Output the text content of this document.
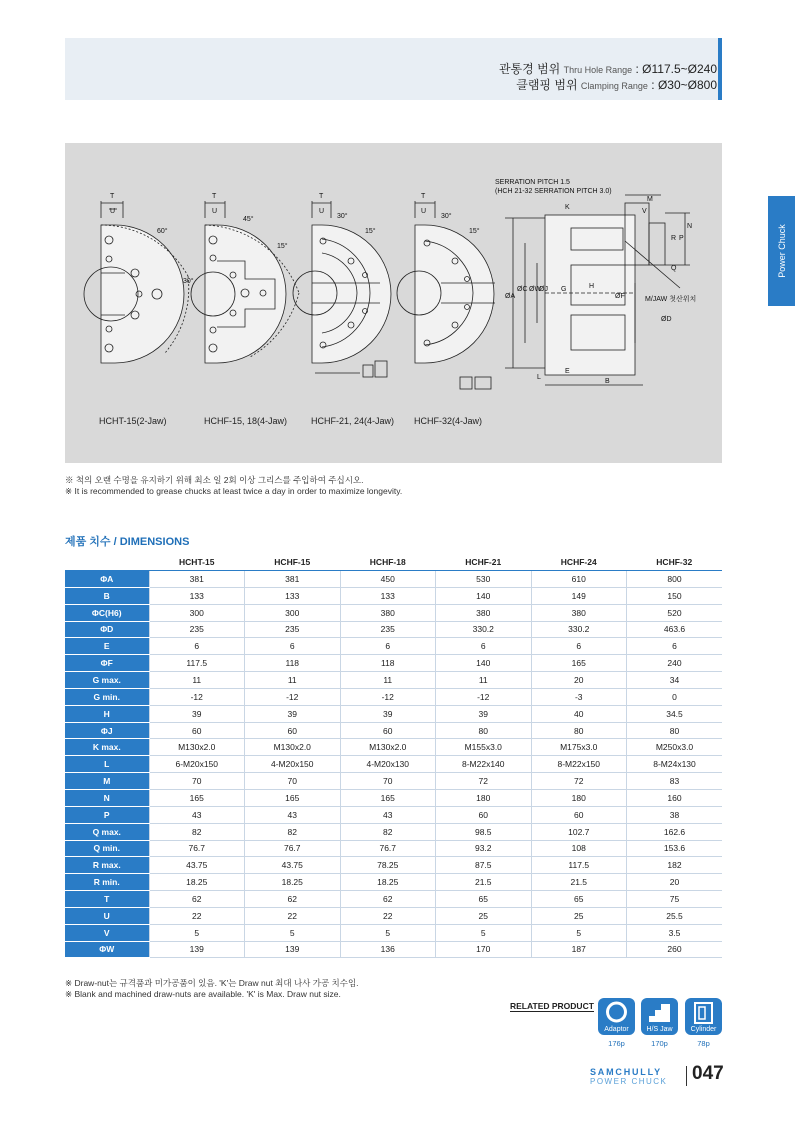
관통경 범위 Thru Hole Range : Ø117.5~Ø240
클램핑 범위 Clamping Range : Ø30~Ø800
Power Chuck
T
U
60°
30°
T
U
45°
15°
T
U
30°
15°
T
U
30°
15°
SERRATION PITCH 1.5
(HCH 21-32 SERRATION PITCH 3.0)
K
M
V
R P
N
Q
ØA
ØC ØW
ØJ G	H
ØF	M/JAW 첫산위치
ØD
L
E
B
HCHT-15(2-Jaw)	HCHF-15, 18(4-Jaw)	HCHF-21, 24(4-Jaw) HCHF-32(4-Jaw)
※ 척의 오랜 수명을 유지하기 위해 최소 일 2회 이상 그리스를 주입하여 주십시오.
※ It is recommended to grease chucks at least twice a day in order to maximize longevity.
제품 치수 / DIMENSIONS
	HCHT-15	HCHF-15	HCHF-18	HCHF-21	HCHF-24	HCHF-32
ΦA	381	381	450	530	610	800
B	133	133	133	140	149	150
ΦC(H6)	300	300	380	380	380	520
ΦD	235	235	235	330.2	330.2	463.6
E	6	6	6	6	6	6
ΦF	117.5	118	118	140	165	240
G max.	11	11	11	11	20	34
G min.	-12	-12	-12	-12	-3	0
H	39	39	39	39	40	34.5
ΦJ	60	60	60	80	80	80
K max.	M130x2.0	M130x2.0	M130x2.0	M155x3.0	M175x3.0	M250x3.0
L	6-M20x150	4-M20x150	4-M20x130	8-M22x140	8-M22x150	8-M24x130
M	70	70	70	72	72	83
N	165	165	165	180	180	160
P	43	43	43	60	60	38
Q max.	82	82	82	98.5	102.7	162.6
Q min.	76.7	76.7	76.7	93.2	108	153.6
R max.	43.75	43.75	78.25	87.5	117.5	182
R min.	18.25	18.25	18.25	21.5	21.5	20
T	62	62	62	65	65	75
U	22	22	22	25	25	25.5
V	5	5	5	5	5	3.5
ΦW	139	139	136	170	187	260
※ Draw-nut는 규격품과 미가공품이 있음. 'K'는 Draw nut 최대 나사 가공 치수임.
※ Blank and machined draw-nuts are available. 'K' is Max. Draw nut size.
RELATED PRODUCT
Adaptor	H/S Jaw	Cylinder
176p	170p	78p
SAMCHULLY
POWER CHUCK 047
